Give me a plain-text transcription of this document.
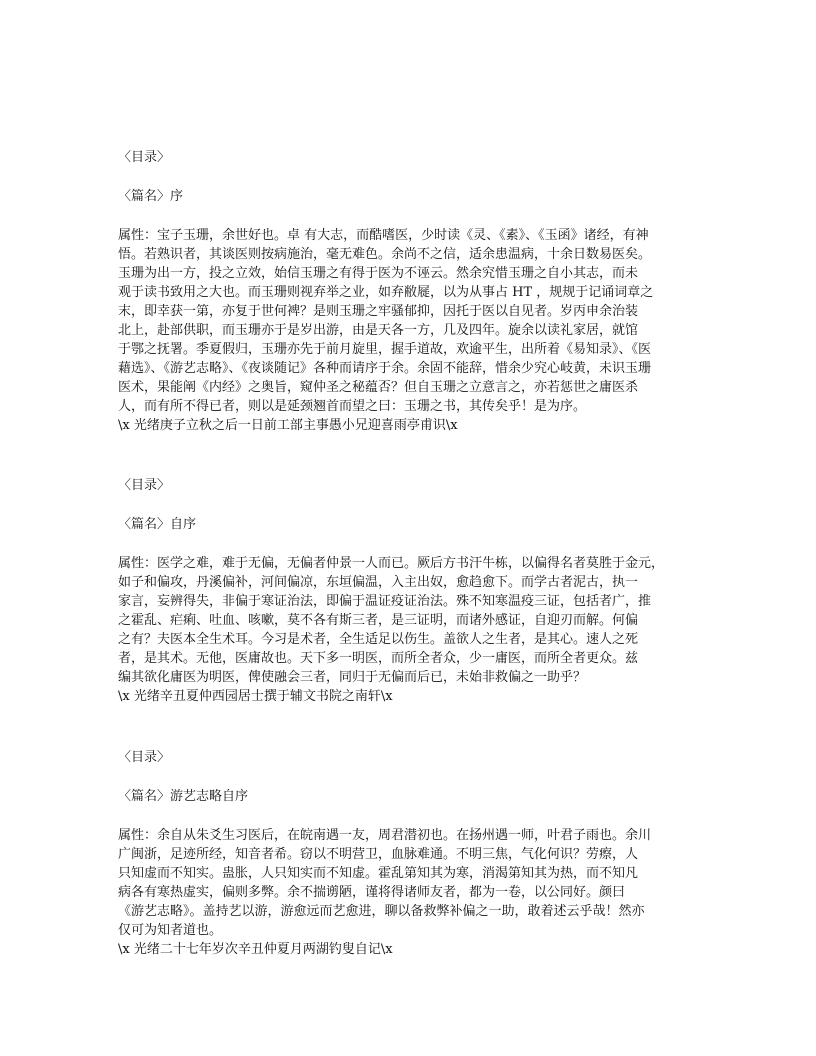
〈目录〉
〈篇名〉序
属性：宝子玉珊，余世好也。卓 有大志，而酷嗜医，少时读《灵、《素》、《玉函》诸经，有神
悟。若熟识者，其谈医则按病施治，毫无难色。余尚不之信，适余患温病，十余日数易医矣。
玉珊为出一方，投之立效，始信玉珊之有得于医为不诬云。然余究惜玉珊之自小其志，而未
观于读书致用之大也。而玉珊则视弃举之业，如弃敝屣，以为从事占 HT ，规规于记诵词章之
末，即幸获一第，亦复于世何裨？是则玉珊之牢骚郁抑，因托于医以自见者。岁丙申余治装
北上，赴部供职，而玉珊亦于是岁出游，由是天各一方，几及四年。旋余以读礼家居，就馆
于鄂之抚署。季夏假归，玉珊亦先于前月旋里，握手道故，欢逾平生，出所着《易知录》、《医
藉选》、《游艺志略》、《夜谈随记》各种而请序于余。余固不能辞，惜余少究心岐黄，未识玉珊
医术，果能阐《内经》之奥旨，窥仲圣之秘蕴否？但自玉珊之立意言之，亦若惩世之庸医杀
人，而有所不得已者，则以是延颈翘首而望之曰：玉珊之书，其传矣乎！是为序。
\x 光绪庚子立秋之后一日前工部主事愚小兄迎喜雨亭甫识\x
〈目录〉
〈篇名〉自序
属性：医学之难，难于无偏，无偏者仲景一人而已。厥后方书汗牛栋，以偏得名者莫胜于金元，
如子和偏攻，丹溪偏补，河间偏凉，东垣偏温，入主出奴，愈趋愈下。而学古者泥古，执一
家言，妄辨得失，非偏于寒证治法，即偏于温证疫证治法。殊不知寒温疫三证，包括者广，推
之霍乱、疟痢、吐血、咳嗽，莫不各有斯三者，是三证明，而诸外感证，自迎刃而解。何偏
之有？夫医本全生术耳。今习是术者，全生适足以伤生。盖欲人之生者，是其心。速人之死
者，是其术。无他，医庸故也。天下多一明医，而所全者众，少一庸医，而所全者更众。兹
编其欲化庸医为明医，俾使融会三者，同归于无偏而后已，未始非救偏之一助乎？
\x 光绪辛丑夏仲西园居士撰于辅文书院之南轩\x
〈目录〉
〈篇名〉游艺志略自序
属性：余自从朱爻生习医后，在皖南遇一友，周君潜初也。在扬州遇一师，叶君子雨也。余川
广闽浙，足迹所经，知音者希。窃以不明营卫，血脉难通。不明三焦，气化何识？劳瘵，人
只知虚而不知实。蛊胀，人只知实而不知虚。霍乱第知其为寒，消渴第知其为热，而不知凡
病各有寒热虚实，偏则多弊。余不揣谫陋，谨将得诸师友者，都为一卷，以公同好。颜曰
《游艺志略》。盖持艺以游，游愈远而艺愈进，聊以备救弊补偏之一助，敢着述云乎哉！然亦
仅可为知者道也。
\x 光绪二十七年岁次辛丑仲夏月两湖钓叟自记\x
